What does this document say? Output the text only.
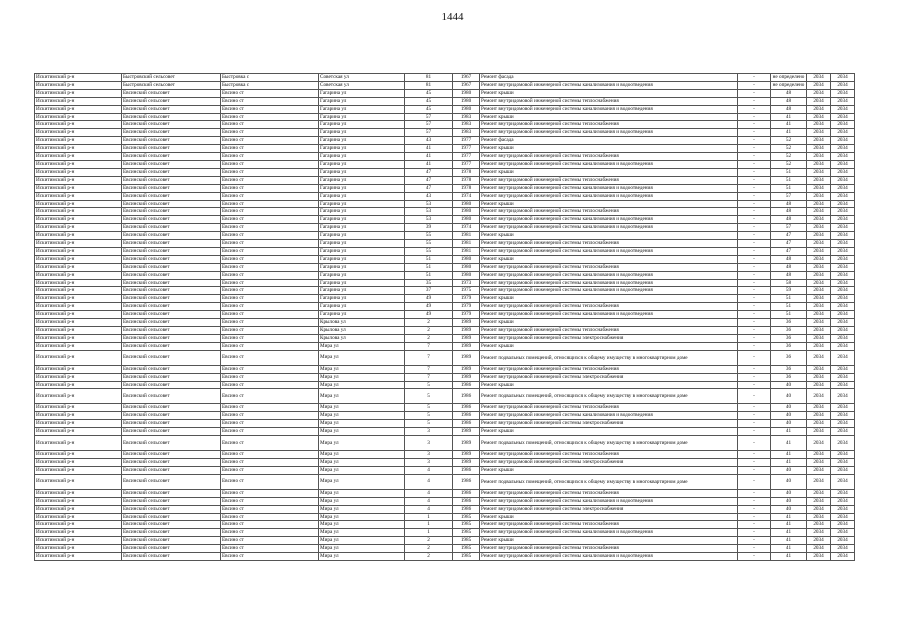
1444
Искитимский р-н	Быстровский сельсовет	Быстровка с	Советская ул	81	1967	Ремонт фасада	-	не определено	2034	2034
Искитимский р-н	Быстровский сельсовет	Быстровка с	Советская ул	81	1967	Ремонт внутридомовой инженерной системы канализования и водоотведения	-	не определено	2034	2034
Искитимский р-н	Евсинский сельсовет	Евсино ст	Гагарина ул	45	1980	Ремонт крыши	-	48	2034	2034
Искитимский р-н	Евсинский сельсовет	Евсино ст	Гагарина ул	45	1980	Ремонт внутридомовой инженерной системы теплоснабжения	-	48	2034	2034
Искитимский р-н	Евсинский сельсовет	Евсино ст	Гагарина ул	45	1980	Ремонт внутридомовой инженерной системы канализования и водоотведения	-	48	2034	2034
Искитимский р-н	Евсинский сельсовет	Евсино ст	Гагарина ул	57	1983	Ремонт крыши	-	41	2034	2034
Искитимский р-н	Евсинский сельсовет	Евсино ст	Гагарина ул	57	1983	Ремонт внутридомовой инженерной системы теплоснабжения	-	41	2034	2034
Искитимский р-н	Евсинский сельсовет	Евсино ст	Гагарина ул	57	1983	Ремонт внутридомовой инженерной системы канализования и водоотведения	-	41	2034	2034
Искитимский р-н	Евсинский сельсовет	Евсино ст	Гагарина ул	43	1977	Ремонт фасада	-	52	2034	2034
Искитимский р-н	Евсинский сельсовет	Евсино ст	Гагарина ул	41	1977	Ремонт крыши	-	52	2034	2034
Искитимский р-н	Евсинский сельсовет	Евсино ст	Гагарина ул	41	1977	Ремонт внутридомовой инженерной системы теплоснабжения	-	52	2034	2034
Искитимский р-н	Евсинский сельсовет	Евсино ст	Гагарина ул	41	1977	Ремонт внутридомовой инженерной системы канализования и водоотведения	-	52	2034	2034
Искитимский р-н	Евсинский сельсовет	Евсино ст	Гагарина ул	47	1978	Ремонт крыши	-	51	2034	2034
Искитимский р-н	Евсинский сельсовет	Евсино ст	Гагарина ул	47	1978	Ремонт внутридомовой инженерной системы теплоснабжения	-	51	2034	2034
Искитимский р-н	Евсинский сельсовет	Евсино ст	Гагарина ул	47	1978	Ремонт внутридомовой инженерной системы канализования и водоотведения	-	51	2034	2034
Искитимский р-н	Евсинский сельсовет	Евсино ст	Гагарина ул	43	1974	Ремонт внутридомовой инженерной системы канализования и водоотведения	-	57	2034	2034
Искитимский р-н	Евсинский сельсовет	Евсино ст	Гагарина ул	53	1980	Ремонт крыши	-	48	2034	2034
Искитимский р-н	Евсинский сельсовет	Евсино ст	Гагарина ул	53	1980	Ремонт внутридомовой инженерной системы теплоснабжения	-	48	2034	2034
Искитимский р-н	Евсинский сельсовет	Евсино ст	Гагарина ул	53	1980	Ремонт внутридомовой инженерной системы канализования и водоотведения	-	48	2034	2034
Искитимский р-н	Евсинский сельсовет	Евсино ст	Гагарина ул	39	1974	Ремонт внутридомовой инженерной системы канализования и водоотведения	-	57	2034	2034
Искитимский р-н	Евсинский сельсовет	Евсино ст	Гагарина ул	55	1981	Ремонт крыши	-	47	2034	2034
Искитимский р-н	Евсинский сельсовет	Евсино ст	Гагарина ул	55	1981	Ремонт внутридомовой инженерной системы теплоснабжения	-	47	2034	2034
Искитимский р-н	Евсинский сельсовет	Евсино ст	Гагарина ул	55	1981	Ремонт внутридомовой инженерной системы канализования и водоотведения	-	47	2034	2034
Искитимский р-н	Евсинский сельсовет	Евсино ст	Гагарина ул	51	1980	Ремонт крыши	-	48	2034	2034
Искитимский р-н	Евсинский сельсовет	Евсино ст	Гагарина ул	51	1980	Ремонт внутридомовой инженерной системы теплоснабжения	-	48	2034	2034
Искитимский р-н	Евсинский сельсовет	Евсино ст	Гагарина ул	51	1980	Ремонт внутридомовой инженерной системы канализования и водоотведения	-	48	2034	2034
Искитимский р-н	Евсинский сельсовет	Евсино ст	Гагарина ул	35	1973	Ремонт внутридомовой инженерной системы канализования и водоотведения	-	58	2034	2034
Искитимский р-н	Евсинский сельсовет	Евсино ст	Гагарина ул	37	1975	Ремонт внутридомовой инженерной системы канализования и водоотведения	-	59	2034	2034
Искитимский р-н	Евсинский сельсовет	Евсино ст	Гагарина ул	49	1979	Ремонт крыши	-	51	2034	2034
Искитимский р-н	Евсинский сельсовет	Евсино ст	Гагарина ул	49	1979	Ремонт внутридомовой инженерной системы теплоснабжения	-	51	2034	2034
Искитимский р-н	Евсинский сельсовет	Евсино ст	Гагарина ул	49	1979	Ремонт внутридомовой инженерной системы канализования и водоотведения	-	51	2034	2034
Искитимский р-н	Евсинский сельсовет	Евсино ст	Крылова ул	2	1989	Ремонт крыши	-	36	2034	2034
Искитимский р-н	Евсинский сельсовет	Евсино ст	Крылова ул	2	1989	Ремонт внутридомовой инженерной системы теплоснабжения	-	36	2034	2034
Искитимский р-н	Евсинский сельсовет	Евсино ст	Крылова ул	2	1989	Ремонт внутридомовой инженерной системы электроснабжения	-	36	2034	2034
Искитимский р-н	Евсинский сельсовет	Евсино ст	Мира ул	7	1989	Ремонт крыши	-	36	2034	2034
Искитимский р-н	Евсинский сельсовет	Евсино ст	Мира ул	7	1989	Ремонт подвальных помещений, относящихся к общему имуществу в многоквартирном доме	-	36	2034	2034
Искитимский р-н	Евсинский сельсовет	Евсино ст	Мира ул	7	1989	Ремонт внутридомовой инженерной системы теплоснабжения	-	36	2034	2034
Искитимский р-н	Евсинский сельсовет	Евсино ст	Мира ул	7	1989	Ремонт внутридомовой инженерной системы электроснабжения	-	36	2034	2034
Искитимский р-н	Евсинский сельсовет	Евсино ст	Мира ул	5	1986	Ремонт крыши	-	40	2034	2034
Искитимский р-н	Евсинский сельсовет	Евсино ст	Мира ул	5	1986	Ремонт подвальных помещений, относящихся к общему имуществу в многоквартирном доме	-	40	2034	2034
Искитимский р-н	Евсинский сельсовет	Евсино ст	Мира ул	5	1986	Ремонт внутридомовой инженерной системы теплоснабжения	-	40	2034	2034
Искитимский р-н	Евсинский сельсовет	Евсино ст	Мира ул	5	1986	Ремонт внутридомовой инженерной системы канализования и водоотведения	-	40	2034	2034
Искитимский р-н	Евсинский сельсовет	Евсино ст	Мира ул	5	1986	Ремонт внутридомовой инженерной системы электроснабжения	-	40	2034	2034
Искитимский р-н	Евсинский сельсовет	Евсино ст	Мира ул	3	1989	Ремонт крыши	-	41	2034	2034
Искитимский р-н	Евсинский сельсовет	Евсино ст	Мира ул	3	1989	Ремонт подвальных помещений, относящихся к общему имуществу в многоквартирном доме	-	41	2034	2034
Искитимский р-н	Евсинский сельсовет	Евсино ст	Мира ул	3	1989	Ремонт внутридомовой инженерной системы теплоснабжения	-	41	2034	2034
Искитимский р-н	Евсинский сельсовет	Евсино ст	Мира ул	3	1989	Ремонт внутридомовой инженерной системы электроснабжения	-	41	2034	2034
Искитимский р-н	Евсинский сельсовет	Евсино ст	Мира ул	4	1986	Ремонт крыши	-	40	2034	2034
Искитимский р-н	Евсинский сельсовет	Евсино ст	Мира ул	4	1986	Ремонт подвальных помещений, относящихся к общему имуществу в многоквартирном доме	-	40	2034	2034
Искитимский р-н	Евсинский сельсовет	Евсино ст	Мира ул	4	1986	Ремонт внутридомовой инженерной системы теплоснабжения	-	40	2034	2034
Искитимский р-н	Евсинский сельсовет	Евсино ст	Мира ул	4	1986	Ремонт внутридомовой инженерной системы канализования и водоотведения	-	40	2034	2034
Искитимский р-н	Евсинский сельсовет	Евсино ст	Мира ул	4	1986	Ремонт внутридомовой инженерной системы электроснабжения	-	40	2034	2034
Искитимский р-н	Евсинский сельсовет	Евсино ст	Мира ул	1	1985	Ремонт крыши	-	41	2034	2034
Искитимский р-н	Евсинский сельсовет	Евсино ст	Мира ул	1	1985	Ремонт внутридомовой инженерной системы теплоснабжения	-	41	2034	2034
Искитимский р-н	Евсинский сельсовет	Евсино ст	Мира ул	1	1985	Ремонт внутридомовой инженерной системы канализования и водоотведения	-	41	2034	2034
Искитимский р-н	Евсинский сельсовет	Евсино ст	Мира ул	2	1985	Ремонт крыши	-	41	2034	2034
Искитимский р-н	Евсинский сельсовет	Евсино ст	Мира ул	2	1985	Ремонт внутридомовой инженерной системы теплоснабжения	-	41	2034	2034
Искитимский р-н	Евсинский сельсовет	Евсино ст	Мира ул	2	1985	Ремонт внутридомовой инженерной системы канализования и водоотведения	-	41	2034	2034
